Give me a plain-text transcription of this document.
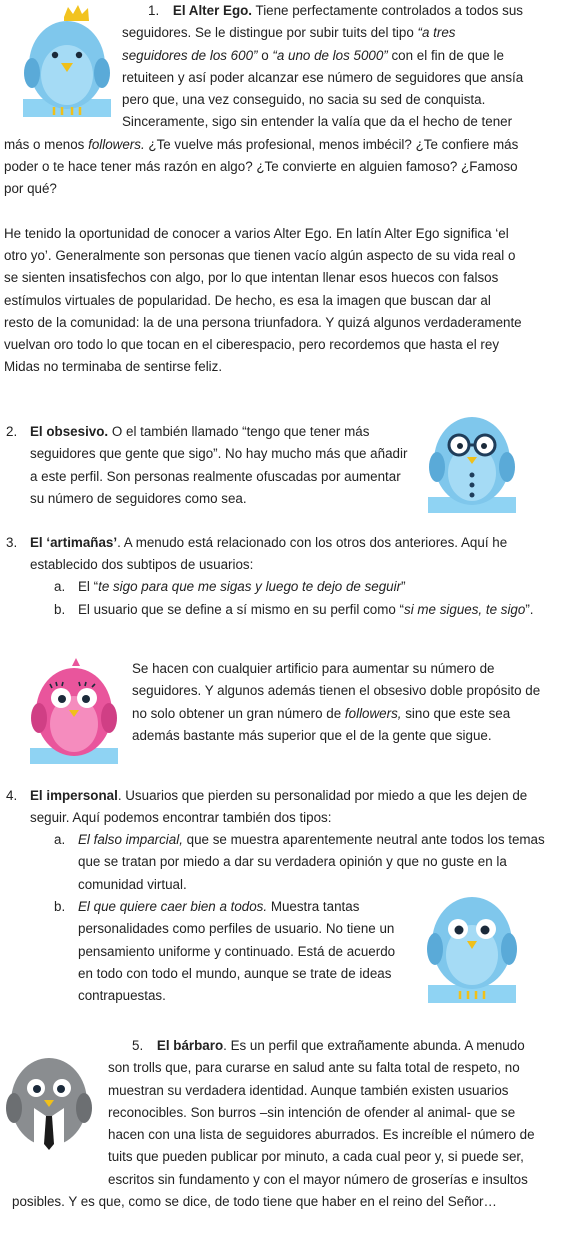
1. El Alter Ego. Tiene perfectamente controlados a todos sus seguidores. Se le distingue por subir tuits del tipo “a tres seguidores de los 600” o “a uno de los 5000” con el fin de que le retuiteen y así poder alcanzar ese número de seguidores que ansía pero que, una vez conseguido, no sacia su sed de conquista. Sinceramente, sigo sin entender la valía que da el hecho de tener más o menos followers. ¿Te vuelve más profesional, menos imbécil? ¿Te confiere más poder o te hace tener más razón en algo? ¿Te convierte en alguien famoso? ¿Famoso por qué?

He tenido la oportunidad de conocer a varios Alter Ego. En latín Alter Ego significa ‘el otro yo’. Generalmente son personas que tienen vacío algún aspecto de su vida real o se sienten insatisfechos con algo, por lo que intentan llenar esos huecos con falsos estímulos virtuales de popularidad. De hecho, es esa la imagen que buscan dar al resto de la comunidad: la de una persona triunfadora. Y quizá algunos verdaderamente vuelvan oro todo lo que tocan en el ciberespacio, pero recordemos que hasta el rey Midas no terminaba de sentirse feliz.

2. El obsesivo. O el también llamado “tengo que tener más seguidores que gente que sigo”. No hay mucho más que añadir a este perfil. Son personas realmente ofuscadas por aumentar su número de seguidores como sea.

3. El ‘artimañas’. A menudo está relacionado con los otros dos anteriores. Aquí he establecido dos subtipos de usuarios:

a. El “te sigo para que me sigas y luego te dejo de seguir”

b. El usuario que se define a sí mismo en su perfil como “si me sigues, te sigo”.

Se hacen con cualquier artificio para aumentar su número de seguidores. Y algunos además tienen el obsesivo doble propósito de no solo obtener un gran número de followers, sino que este sea además bastante más superior que el de la gente que sigue.

4. El impersonal. Usuarios que pierden su personalidad por miedo a que les dejen de seguir. Aquí podemos encontrar también dos tipos:

a. El falso imparcial, que se muestra aparentemente neutral ante todos los temas que se tratan por miedo a dar su verdadera opinión y que no guste en la comunidad virtual.

b. El que quiere caer bien a todos. Muestra tantas personalidades como perfiles de usuario. No tiene un pensamiento uniforme y continuado. Está de acuerdo en todo con todo el mundo, aunque se trate de ideas contrapuestas.

5. El bárbaro. Es un perfil que extrañamente abunda. A menudo son trolls que, para curarse en salud ante su falta total de respeto, no muestran su verdadera identidad. Aunque también existen usuarios reconocibles. Son burros –sin intención de ofender al animal- que se hacen con una lista de seguidores aburrados. Es increíble el número de tuits que pueden publicar por minuto, a cada cual peor y, si puede ser, escritos sin fundamento y con el mayor número de groserías e insultos posibles. Y es que, como se dice, de todo tiene que haber en el reino del Señor…
